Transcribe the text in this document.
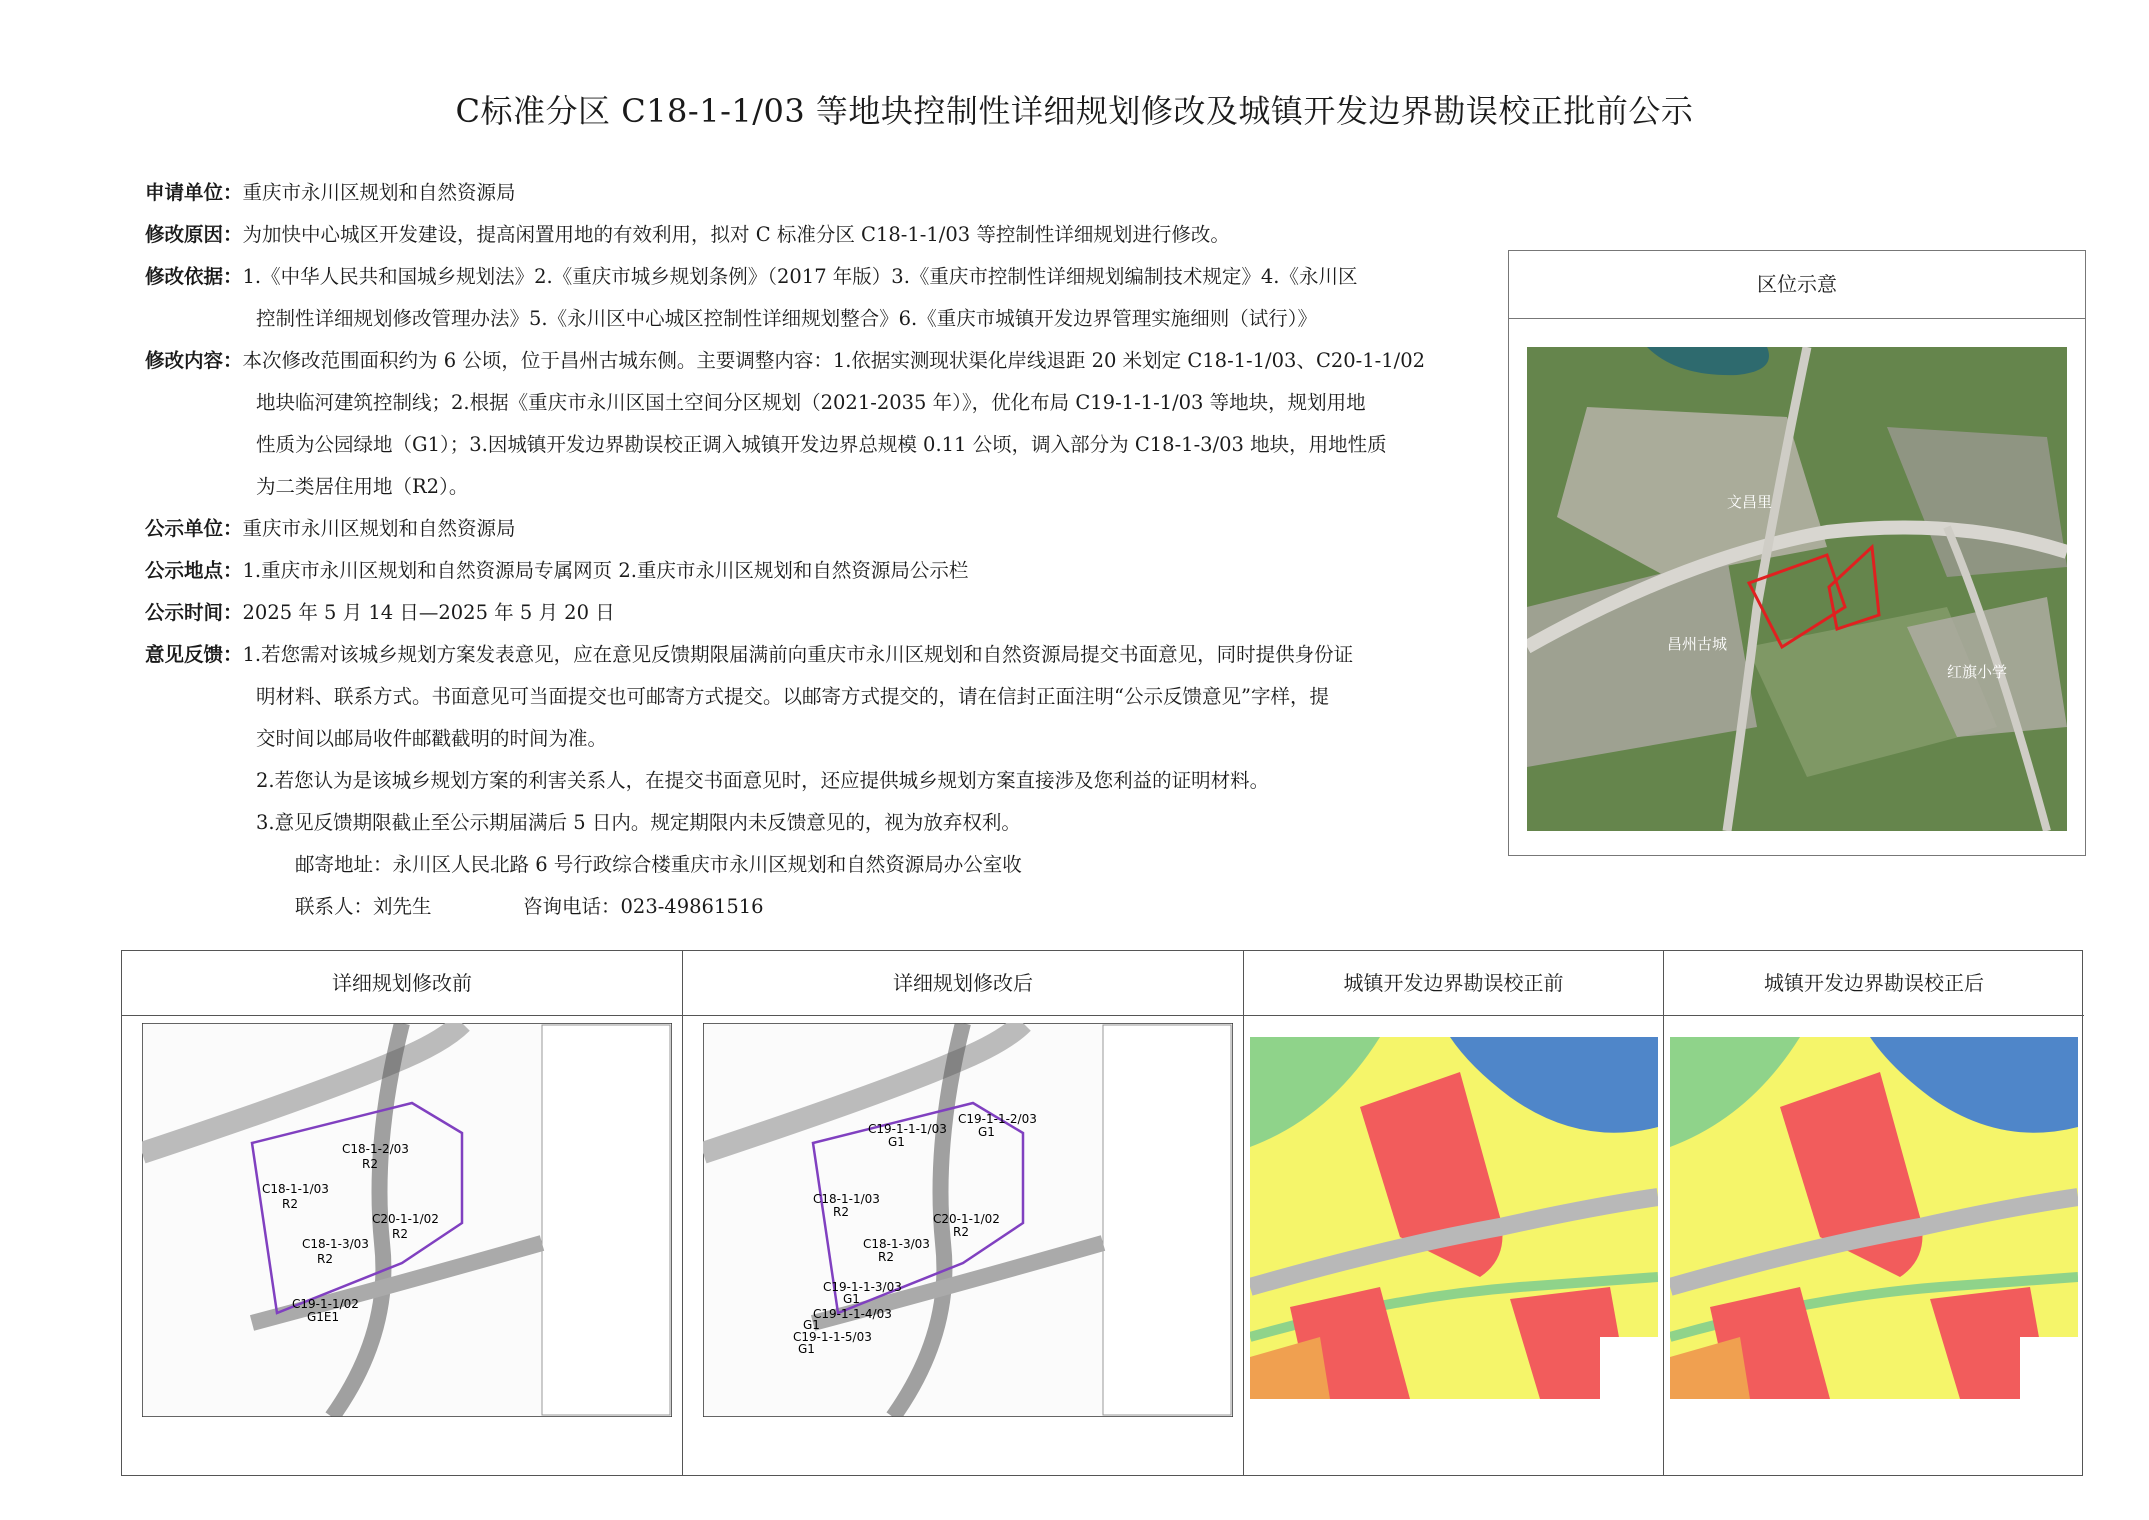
C标准分区 C18-1-1/03 等地块控制性详细规划修改及城镇开发边界勘误校正批前公示
申请单位： 重庆市永川区规划和自然资源局
修改原因： 为加快中心城区开发建设，提高闲置用地的有效利用，拟对 C 标准分区 C18-1-1/03 等控制性详细规划进行修改。
修改依据： 1.《中华人民共和国城乡规划法》2.《重庆市城乡规划条例》（2017 年版）3.《重庆市控制性详细规划编制技术规定》4.《永川区
控制性详细规划修改管理办法》5.《永川区中心城区控制性详细规划整合》6.《重庆市城镇开发边界管理实施细则（试行）》
修改内容： 本次修改范围面积约为 6 公顷，位于昌州古城东侧。主要调整内容：1.依据实测现状渠化岸线退距 20 米划定 C18-1-1/03、C20-1-1/02
地块临河建筑控制线；2.根据《重庆市永川区国土空间分区规划（2021-2035 年）》，优化布局 C19-1-1-1/03 等地块，规划用地
性质为公园绿地（G1）；3.因城镇开发边界勘误校正调入城镇开发边界总规模 0.11 公顷，调入部分为 C18-1-3/03 地块，用地性质
为二类居住用地（R2）。
公示单位： 重庆市永川区规划和自然资源局
公示地点： 1.重庆市永川区规划和自然资源局专属网页 2.重庆市永川区规划和自然资源局公示栏
公示时间： 2025 年 5 月 14 日—2025 年 5 月 20 日
意见反馈： 1.若您需对该城乡规划方案发表意见，应在意见反馈期限届满前向重庆市永川区规划和自然资源局提交书面意见，同时提供身份证
明材料、联系方式。书面意见可当面提交也可邮寄方式提交。以邮寄方式提交的，请在信封正面注明“公示反馈意见”字样，提
交时间以邮局收件邮戳截明的时间为准。
2.若您认为是该城乡规划方案的利害关系人，在提交书面意见时，还应提供城乡规划方案直接涉及您利益的证明材料。
3.意见反馈期限截止至公示期届满后 5 日内。规定期限内未反馈意见的，视为放弃权利。
邮寄地址：永川区人民北路 6 号行政综合楼重庆市永川区规划和自然资源局办公室收
联系人：刘先生	咨询电话：023-49861516
区位示意
文昌里
昌州古城
红旗小学
详细规划修改前
C18-1-2/03
R2
C18-1-1/03
R2
C20-1-1/02
R2
C18-1-3/03
R2
C19-1-1/02
G1E1
详细规划修改后
C19-1-1-2/03
G1
C19-1-1-1/03
G1
C18-1-1/03
R2	C20-1-1/02
R2
C18-1-3/03
R2
C19-1-1-3/03
G1
C19-1-1-4/03
G1
C19-1-1-5/03
G1
城镇开发边界勘误校正前	城镇开发边界勘误校正后
